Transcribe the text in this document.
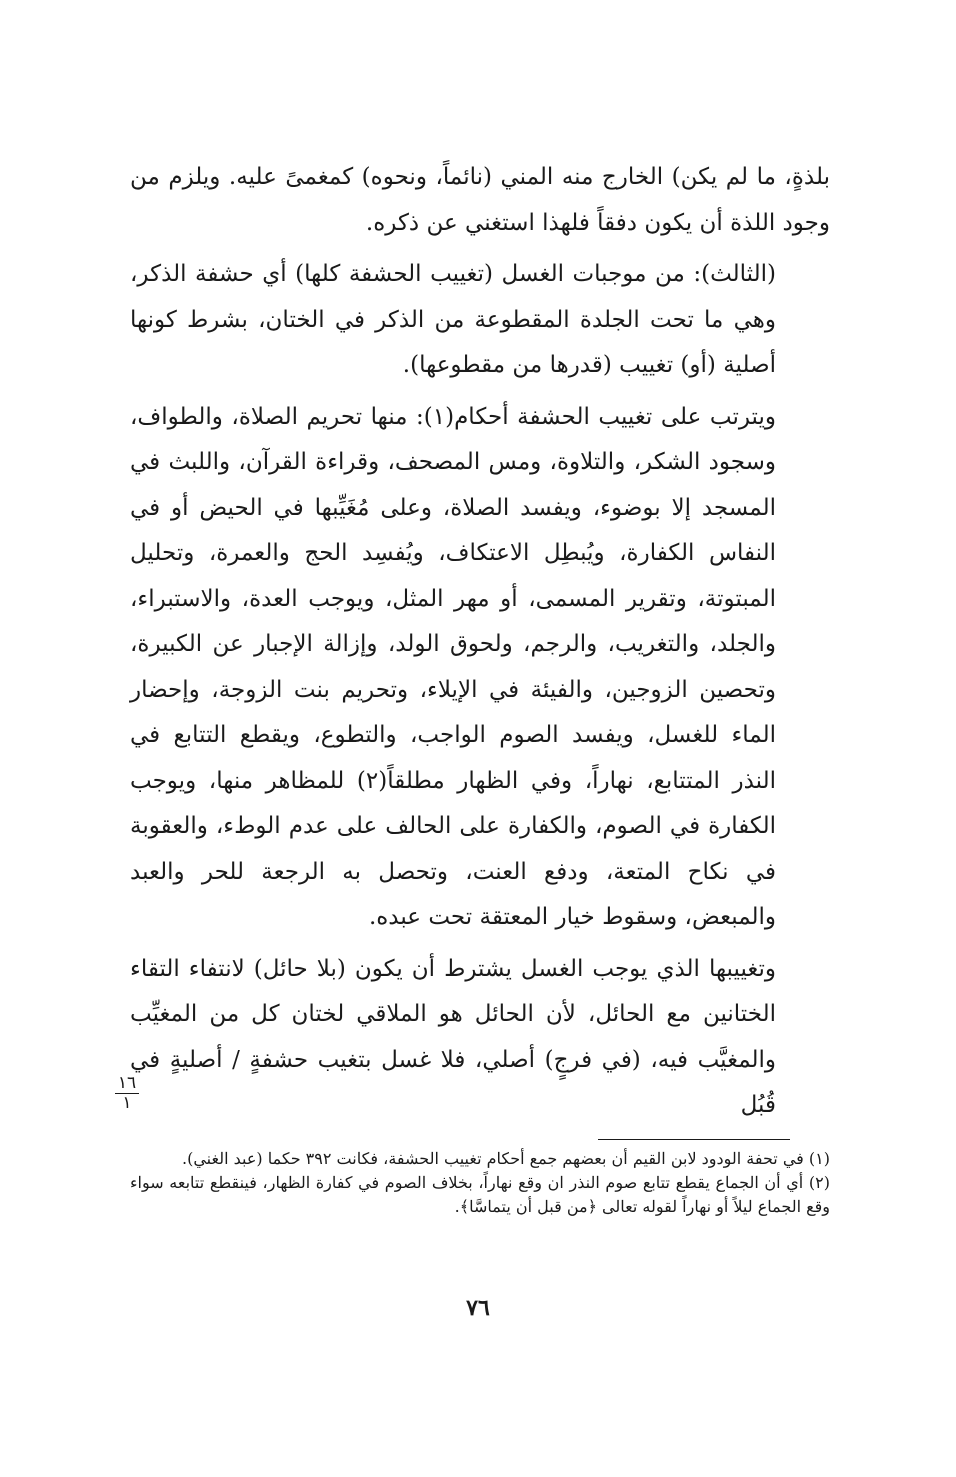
بلذةٍ، ما لم يكن) الخارج منه المني (نائماً، ونحوه) كمغمىً عليه. ويلزم من وجود اللذة أن يكون دفقاً فلهذا استغني عن ذكره.

(الثالث): من موجبات الغسل (تغييب الحشفة كلها) أي حشفة الذكر، وهي ما تحت الجلدة المقطوعة من الذكر في الختان، بشرط كونها أصلية (أو) تغييب (قدرها من مقطوعها).

ويترتب على تغييب الحشفة أحكام(١): منها تحريم الصلاة، والطواف، وسجود الشكر، والتلاوة، ومس المصحف، وقراءة القرآن، واللبث في المسجد إلا بوضوء، ويفسد الصلاة، وعلى مُغَيِّبها في الحيض أو في النفاس الكفارة، ويُبطِل الاعتكاف، ويُفسِد الحج والعمرة، وتحليل المبتوتة، وتقرير المسمى، أو مهر المثل، ويوجب العدة، والاستبراء، والجلد، والتغريب، والرجم، ولحوق الولد، وإزالة الإجبار عن الكبيرة، وتحصين الزوجين، والفيئة في الإيلاء، وتحريم بنت الزوجة، وإحضار الماء للغسل، ويفسد الصوم الواجب، والتطوع، ويقطع التتابع في النذر المتتابع، نهاراً، وفي الظهار مطلقاً(٢) للمظاهر منها، ويوجب الكفارة في الصوم، والكفارة على الحالف على عدم الوطء، والعقوبة في نكاح المتعة، ودفع العنت، وتحصل به الرجعة للحر والعبد والمبعض، وسقوط خيار المعتقة تحت عبده.

وتغييبها الذي يوجب الغسل يشترط أن يكون (بلا حائل) لانتفاء التقاء الختانين مع الحائل، لأن الحائل هو الملاقي لختان كل من المغيِّب والمغيَّب فيه، (في فرجٍ) أصلي، فلا غسل بتغيب حشفةٍ / أصليةٍ في قُبُل

١٦
١

(١) في تحفة الودود لابن القيم أن بعضهم جمع أحكام تغييب الحشفة، فكانت ٣٩٢ حكما (عبد الغني).

(٢) أي أن الجماع يقطع تتابع صوم النذر ان وقع نهاراً، بخلاف الصوم في كفارة الظهار، فينقطع تتابعه سواء وقع الجماع ليلاً أو نهاراً لقوله تعالى ﴿من قبل أن يتماسَّا﴾.

٧٦
